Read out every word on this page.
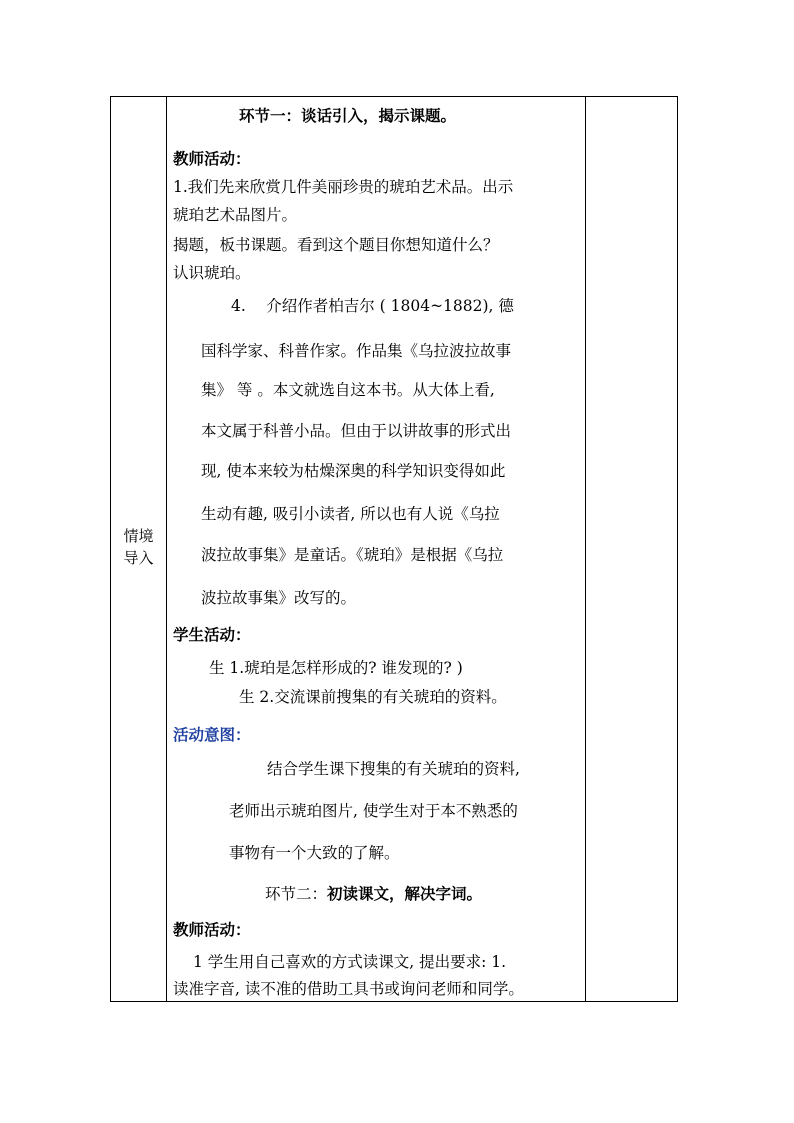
情境
导入
环节一：谈话引入，揭示课题。
教师活动：
1.我们先来欣赏几件美丽珍贵的琥珀艺术品。出示
琥珀艺术品图片。
揭题，板书课题。看到这个题目你想知道什么？
认识琥珀。
4.　 介绍作者柏吉尔 ( 1804~1882), 德
国科学家、科普作家。作品集《乌拉波拉故事
集》 等 。本文就选自这本书。从大体上看,
本文属于科普小品。但由于以讲故事的形式出
现, 使本来较为枯燥深奥的科学知识变得如此
生动有趣, 吸引小读者, 所以也有人说《乌拉
波拉故事集》是童话。《琥珀》是根据《乌拉
波拉故事集》改写的。
学生活动：
生 1.琥珀是怎样形成的? 谁发现的? )
生 2.交流课前搜集的有关琥珀的资料。
活动意图：
结合学生课下搜集的有关琥珀的资料,
老师出示琥珀图片, 使学生对于本不熟悉的
事物有一个大致的了解。
环节二：初读课文，解决字词。
教师活动：
1 学生用自己喜欢的方式读课文, 提出要求: 1.
读准字音, 读不准的借助工具书或询问老师和同学。
